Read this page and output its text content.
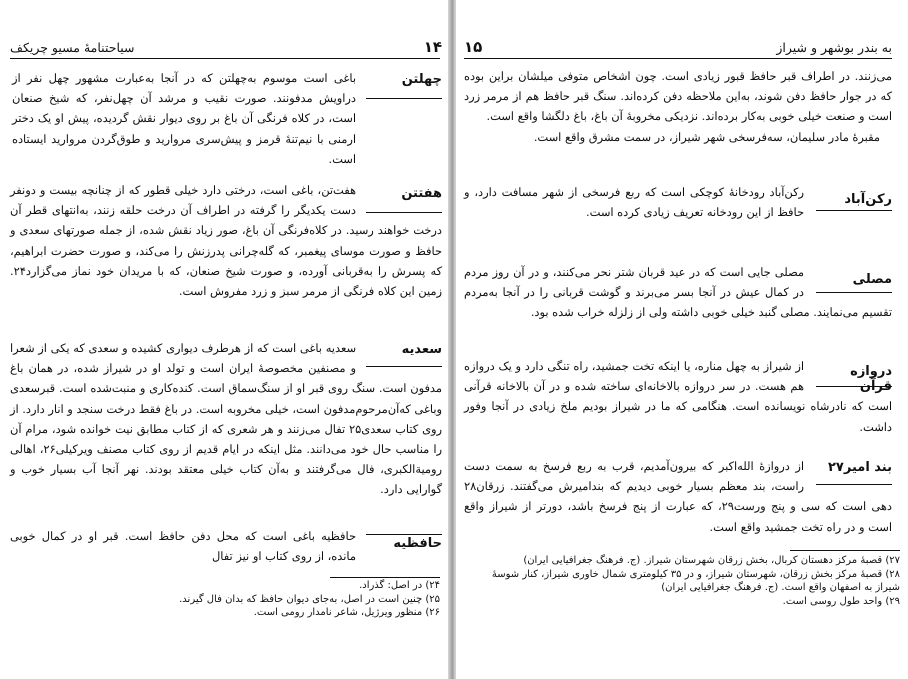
۱۴
سیاحتنامهٔ مسیو چریکف
چهلتن
باغی است موسوم به‌چهلتن که در آنجا به‌عبارت مشهور چهل نفر از دراویش مدفونند. صورت نقیب و مرشد آن چهل‌نفر، که شیخ صنعان است، در کلاه فرنگی آن باغ بر روی دیوار نقش گردیده، پیش او یک دختر ارمنی با نیم‌تنهٔ قرمز و پیش‌سری مروارید و طوق‌گردن مروارید ایستاده است.
هفتتن
هفت‌تن، باغی است، درختی دارد خیلی قطور که از چنانچه بیست و دونفر دست یکدیگر را گرفته در اطراف آن درخت حلقه زنند، به‌انتهای قطر آن درخت خواهند رسید. در کلاه‌فرنگی آن باغ، صور زیاد نقش شده، از جمله صورتهای سعدی و حافظ و صورت موسای پیغمبر، که گله‌چرانی پدرزنش را می‌کند، و صورت حضرت ابراهیم، که پسرش را به‌قربانی آورده، و صورت شیخ صنعان، که با مریدان خود نماز می‌گزارد۲۴. زمین این کلاه فرنگی از مرمر سبز و زرد مفروش است.
سعدیه
سعدیه باغی است که از هرطرف دیواری کشیده و سعدی که یکی از شعرا و مصنفین مخصوصهٔ ایران است و تولد او در شیراز شده، در همان باغ مدفون است. سنگ روی قبر او از سنگ‌سماق است. کنده‌کاری و منبت‌شده است. قبرسعدی وباغی که‌آن‌مرحوم‌مدفون است، خیلی مخروبه است. در باغ فقط درخت سنجد و انار دارد. از روی کتاب سعدی۲۵ تفال می‌زنند و هر شعری که از کتاب مطابق نیت خوانده شود، مرام آن را مناسب حال خود می‌دانند. مثل اینکه در ایام قدیم از روی کتاب مصنف ویرکیلی۲۶، اهالی رومیةالکبری، فال می‌گرفتند و به‌آن کتاب خیلی معتقد بودند. نهر آنجا آب بسیار خوب و گوارایی دارد.
حافظیه
حافظیه باغی است که محل دفن حافظ است. قبر او در کمال خوبی مانده، از روی کتاب او نیز تفال
۲۴) در اصل: گذراد.
۲۵) چنین است در اصل، به‌جای دیوان حافظ که بدان فال گیرند.
۲۶) منظور ویرژیل، شاعر نامدار رومی است.
به بندر بوشهر و شیراز
۱۵
می‌زنند. در اطراف قبر حافظ قبور زیادی است. چون اشخاص متوفی میلشان براین بوده که در جوار حافظ دفن شوند، به‌این ملاحظه دفن کرده‌اند. سنگ قبر حافظ هم از مرمر زرد است و صنعت خیلی خوبی به‌کار برده‌اند. نزدیکی مخروبهٔ آن باغ، باغ دلگشا واقع است.
مقبرهٔ مادر سلیمان، سه‌فرسخی شهر شیراز، در سمت مشرق واقع است.
رکن‌آباد
رکن‌آباد رودخانهٔ کوچکی است که ربع فرسخی از شهر مسافت دارد، و حافظ از این رودخانه تعریف زیادی کرده است.
مصلی
مصلی جایی است که در عید قربان شتر نحر می‌کنند، و در آن روز مردم در کمال عیش در آنجا بسر می‌برند و گوشت قربانی را در آنجا به‌مردم تقسیم می‌نمایند. مصلی گنبد خیلی خوبی داشته ولی از زلزله خراب شده بود.
دروازه قرآن
از شیراز به چهل مناره، یا اینکه تخت جمشید، راه تنگی دارد و یک دروازه هم هست. در سر دروازه بالاخانه‌ای ساخته شده و در آن بالاخانه قرآنی است که نادرشاه نویسانده است. هنگامی که ما در شیراز بودیم ملخ زیادی در آنجا وفور داشت.
بند امیر۲۷
از دروازهٔ الله‌اکبر که بیرون‌آمدیم، قرب به ربع فرسخ به سمت دست راست، بند معظم بسیار خوبی دیدیم که بندامیرش می‌گفتند. زرقان۲۸ دهی است که سی و پنج ورست۲۹، که عبارت از پنج فرسخ باشد، دورتر از شیراز واقع است و در راه تخت جمشید واقع است.
۲۷) قصبهٔ مرکز دهستان کربال، بخش زرقان شهرستان شیراز. (ج. فرهنگ جغرافیایی ایران)
۲۸) قصبهٔ مرکز بخش زرقان، شهرستان شیراز، و در ۳۵ کیلومتری شمال خاوری شیراز، کنار شوسهٔ شیراز به اصفهان واقع است. (ج. فرهنگ جغرافیایی ایران)
۲۹) واحد طول روسی است.
